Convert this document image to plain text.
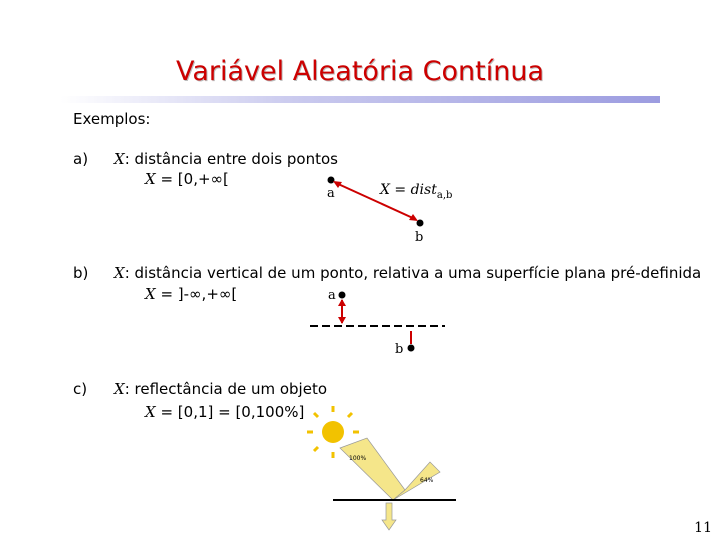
Variável Aleatória Contínua
Exemplos:
a) X: distância entre dois pontos
X = [0,+∞[
b) X: distância vertical de um ponto, relativa a uma superfície plana pré-definida
X = ]-∞,+∞[
c) X: reflectância de um objeto
X = [0,1] = [0,100%]
a
b
X = dist$_{a,b}$
a
b
100%
64%
11
